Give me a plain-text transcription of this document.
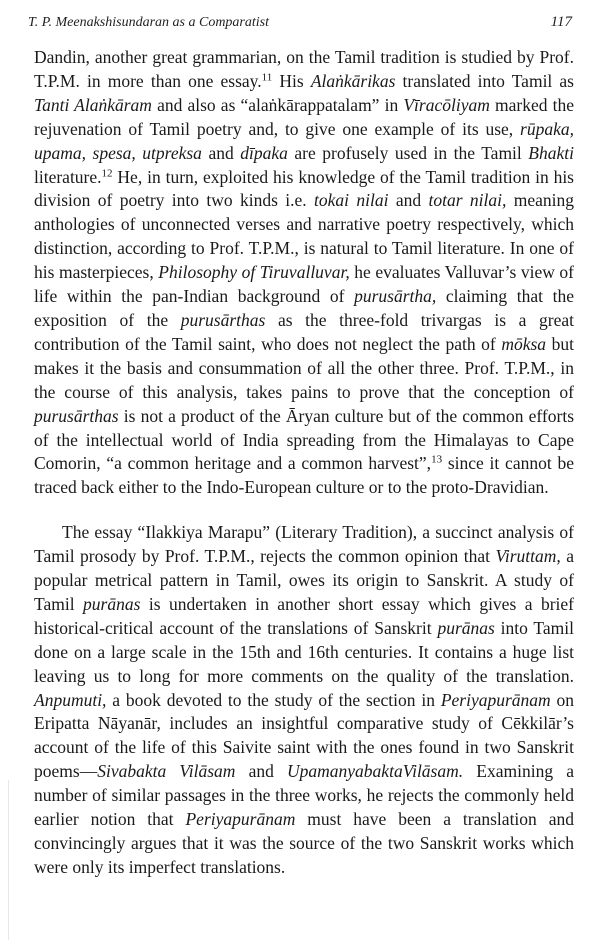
T. P. Meenakshisundaran as a Comparatist	117

Dandin, another great grammarian, on the Tamil tradition is studied by Prof. T.P.M. in more than one essay.$^{11}$ His Alaṅkārikas translated into Tamil as Tanti Alaṅkāram and also as “alaṅkārappatalam” in Vīracōliyam marked the rejuvenation of Tamil poetry and, to give one example of its use, rūpaka, upama, spesa, utpreksa and dīpaka are profusely used in the Tamil Bhakti literature.$^{12}$ He, in turn, exploited his knowledge of the Tamil tradition in his division of poetry into two kinds i.e. tokai nilai and totar nilai, meaning anthologies of unconnected verses and narrative poetry respectively, which distinction, according to Prof. T.P.M., is natural to Tamil literature. In one of his masterpieces, Philosophy of Tiruvalluvar, he evaluates Valluvar’s view of life within the pan-Indian background of purusārtha, claiming that the exposition of the purusārthas as the three-fold trivargas is a great contribution of the Tamil saint, who does not neglect the path of mōksa but makes it the basis and consummation of all the other three. Prof. T.P.M., in the course of this analysis, takes pains to prove that the conception of purusārthas is not a product of the Āryan culture but of the common efforts of the intellectual world of India spreading from the Himalayas to Cape Comorin, “a common heritage and a common harvest”,$^{13}$ since it cannot be traced back either to the Indo-European culture or to the proto-Dravidian.

The essay “Ilakkiya Marapu” (Literary Tradition), a succinct analysis of Tamil prosody by Prof. T.P.M., rejects the common opinion that Viruttam, a popular metrical pattern in Tamil, owes its origin to Sanskrit. A study of Tamil purānas is undertaken in another short essay which gives a brief historical-critical account of the translations of Sanskrit purānas into Tamil done on a large scale in the 15th and 16th centuries. It contains a huge list leaving us to long for more comments on the quality of the translation. Anpumuti, a book devoted to the study of the section in Periyapurānam on Eripatta Nāyanār, includes an insightful comparative study of Cēkkilār’s account of the life of this Saivite saint with the ones found in two Sanskrit poems—Sivabakta Vilāsam and UpamanyabaktaVilāsam. Examining a number of similar passages in the three works, he rejects the commonly held earlier notion that Periyapurānam must have been a translation and convincingly argues that it was the source of the two Sanskrit works which were only its imperfect translations.
